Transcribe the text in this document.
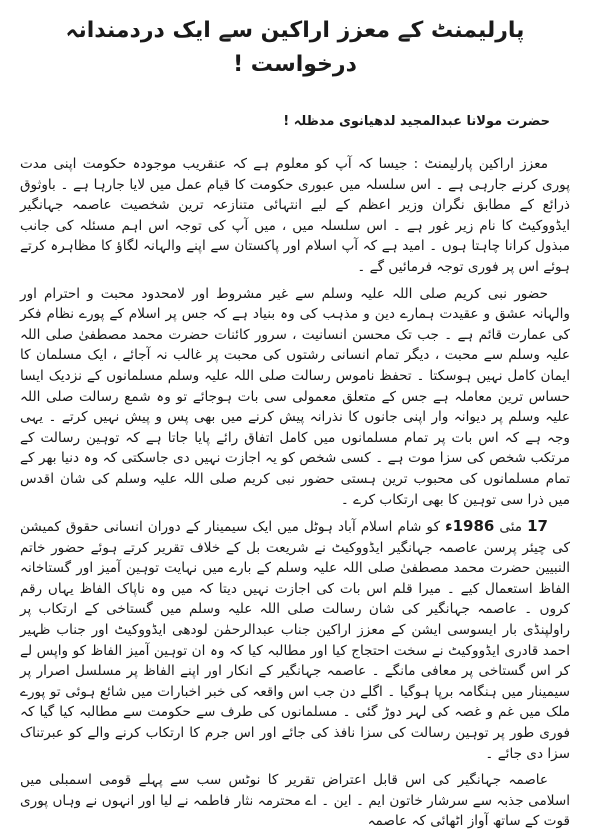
پارلیمنٹ کے معزز اراکین سے ایک دردمندانہ درخواست !
حضرت مولانا عبدالمجید لدھیانوی مدظلہ !

معزز اراکین پارلیمنٹ : جیسا کہ آپ کو معلوم ہے کہ عنقریب موجودہ حکومت اپنی مدت پوری کرنے جارہی ہے ۔ اس سلسلہ میں عبوری حکومت کا قیام عمل میں لایا جارہا ہے ۔ باوثوق ذرائع کے مطابق نگران وزیر اعظم کے لیے انتہائی متنازعہ ترین شخصیت عاصمہ جہانگیر ایڈووکیٹ کا نام زیر غور ہے ۔ اس سلسلہ میں ، میں آپ کی توجہ اس اہم مسئلہ کی جانب مبذول کرانا چاہتا ہوں ۔ امید ہے کہ آپ اسلام اور پاکستان سے اپنے والہانہ لگاؤ کا مظاہرہ کرتے ہوئے اس پر فوری توجہ فرمائیں گے ۔

حضور نبی کریم صلی اللہ علیہ وسلم سے غیر مشروط اور لامحدود محبت و احترام اور والہانہ عشق و عقیدت ہمارے دین و مذہب کی وہ بنیاد ہے کہ جس پر اسلام کے پورے نظام فکر کی عمارت قائم ہے ۔ جب تک محسن انسانیت ، سرور کائنات حضرت محمد مصطفیٰ صلی اللہ علیہ وسلم سے محبت ، دیگر تمام انسانی رشتوں کی محبت پر غالب نہ آجائے ، ایک مسلمان کا ایمان کامل نہیں ہوسکتا ۔ تحفظ ناموس رسالت صلی اللہ علیہ وسلم مسلمانوں کے نزدیک ایسا حساس ترین معاملہ ہے جس کے متعلق معمولی سی بات ہوجائے تو وہ شمع رسالت صلی اللہ علیہ وسلم پر دیوانہ وار اپنی جانوں کا نذرانہ پیش کرنے میں بھی پس و پیش نہیں کرتے ۔ یہی وجہ ہے کہ اس بات پر تمام مسلمانوں میں کامل اتفاق رائے پایا جاتا ہے کہ توہین رسالت کے مرتکب شخص کی سزا موت ہے ۔ کسی شخص کو یہ اجازت نہیں دی جاسکتی کہ وہ دنیا بھر کے تمام مسلمانوں کی محبوب ترین ہستی حضور نبی کریم صلی اللہ علیہ وسلم کی شان اقدس میں ذرا سی توہین کا بھی ارتکاب کرے ۔

17 مئی 1986ء کو شام اسلام آباد ہوٹل میں ایک سیمینار کے دوران انسانی حقوق کمیشن کی چیئر پرسن عاصمہ جہانگیر ایڈووکیٹ نے شریعت بل کے خلاف تقریر کرتے ہوئے حضور خاتم النبیین حضرت محمد مصطفیٰ صلی اللہ علیہ وسلم کے بارے میں نہایت توہین آمیز اور گستاخانہ الفاظ استعمال کیے ۔ میرا قلم اس بات کی اجازت نہیں دیتا کہ میں وہ ناپاک الفاظ یہاں رقم کروں ۔ عاصمہ جہانگیر کی شان رسالت صلی اللہ علیہ وسلم میں گستاخی کے ارتکاب پر راولپنڈی بار ایسوسی ایشن کے معزز اراکین جناب عبدالرحمٰن لودھی ایڈووکیٹ اور جناب ظہیر احمد قادری ایڈووکیٹ نے سخت احتجاج کیا اور مطالبہ کیا کہ وہ ان توہین آمیز الفاظ کو واپس لے کر اس گستاخی پر معافی مانگے ۔ عاصمہ جہانگیر کے انکار اور اپنے الفاظ پر مسلسل اصرار پر سیمینار میں ہنگامہ برپا ہوگیا ۔ اگلے دن جب اس واقعہ کی خبر اخبارات میں شائع ہوئی تو پورے ملک میں غم و غصہ کی لہر دوڑ گئی ۔ مسلمانوں کی طرف سے حکومت سے مطالبہ کیا گیا کہ فوری طور پر توہین رسالت کی سزا نافذ کی جائے اور اس جرم کا ارتکاب کرنے والے کو عبرتناک سزا دی جائے ۔

عاصمہ جہانگیر کی اس قابل اعتراض تقریر کا نوٹس سب سے پہلے قومی اسمبلی میں اسلامی جذبہ سے سرشار خاتون ایم ۔ این ۔ اے محترمہ نثار فاطمہ نے لیا اور انہوں نے وہاں پوری قوت کے ساتھ آواز اٹھائی کہ عاصمہ
